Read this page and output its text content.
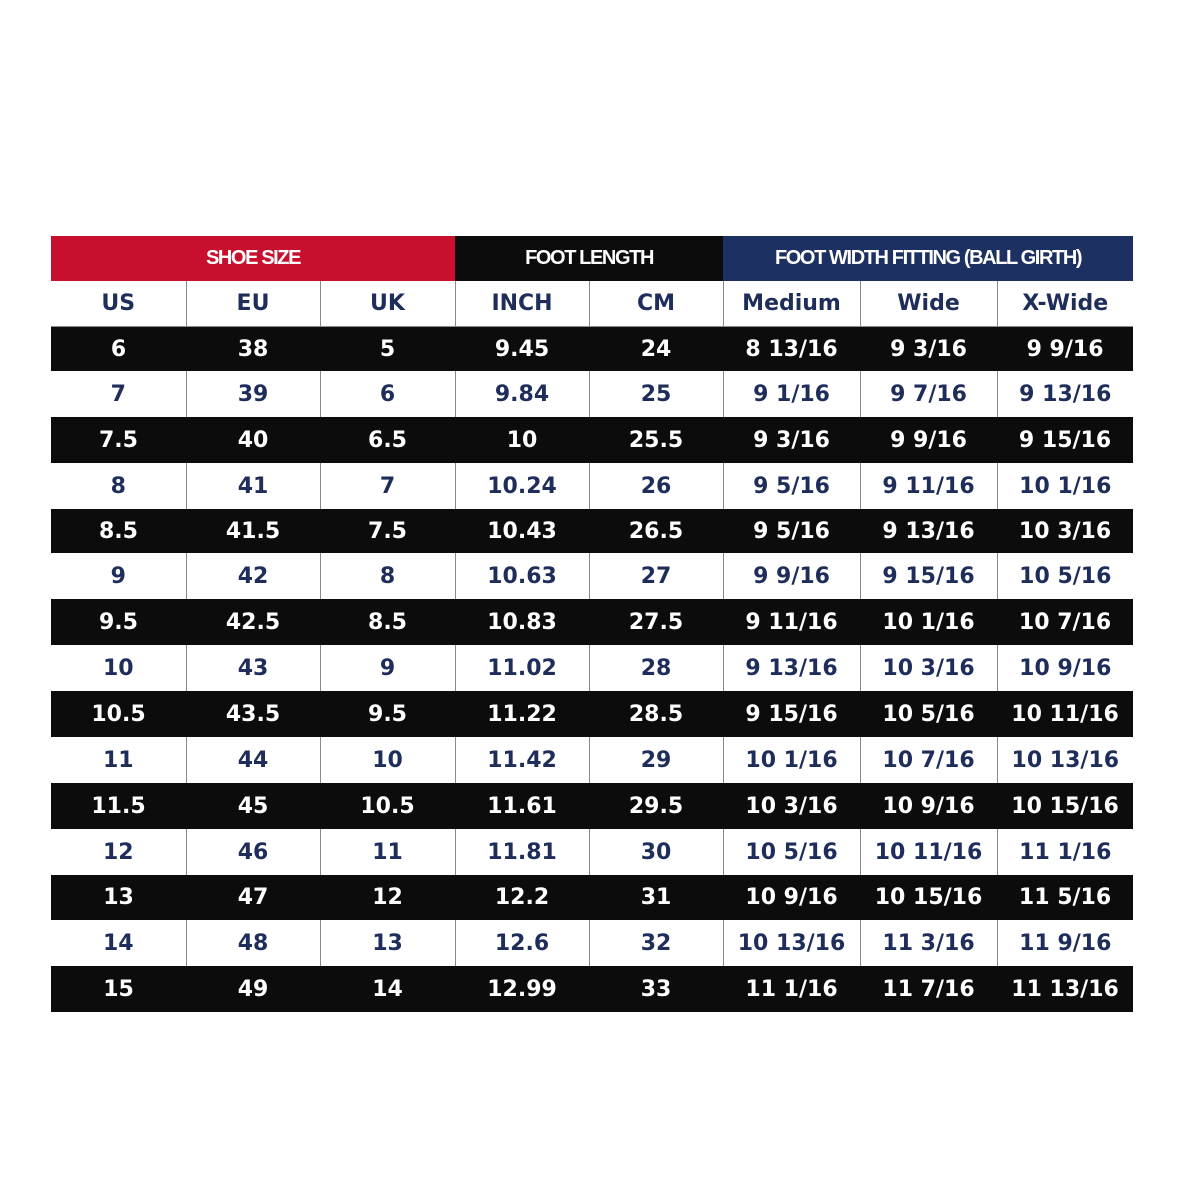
SHOE SIZE			FOOT LENGTH		FOOT WIDTH FITTING (BALL GIRTH)		
US	EU	UK	INCH	CM	Medium	Wide	X-Wide
6	38	5	9.45	24	8 13/16	9 3/16	9 9/16
7	39	6	9.84	25	9 1/16	9 7/16	9 13/16
7.5	40	6.5	10	25.5	9 3/16	9 9/16	9 15/16
8	41	7	10.24	26	9 5/16	9 11/16	10 1/16
8.5	41.5	7.5	10.43	26.5	9 5/16	9 13/16	10 3/16
9	42	8	10.63	27	9 9/16	9 15/16	10 5/16
9.5	42.5	8.5	10.83	27.5	9 11/16	10 1/16	10 7/16
10	43	9	11.02	28	9 13/16	10 3/16	10 9/16
10.5	43.5	9.5	11.22	28.5	9 15/16	10 5/16	10 11/16
11	44	10	11.42	29	10 1/16	10 7/16	10 13/16
11.5	45	10.5	11.61	29.5	10 3/16	10 9/16	10 15/16
12	46	11	11.81	30	10 5/16	10 11/16	11 1/16
13	47	12	12.2	31	10 9/16	10 15/16	11 5/16
14	48	13	12.6	32	10 13/16	11 3/16	11 9/16
15	49	14	12.99	33	11 1/16	11 7/16	11 13/16
